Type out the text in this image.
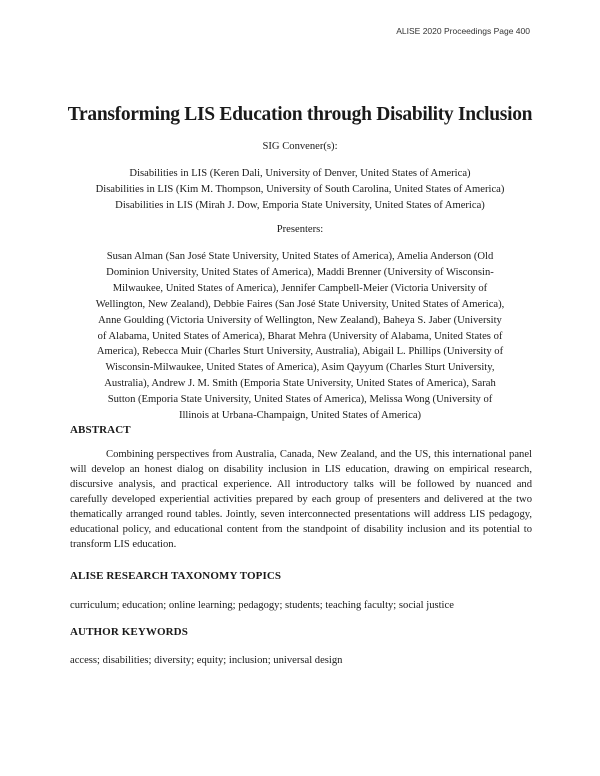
ALISE 2020 Proceedings Page 400
Transforming LIS Education through Disability Inclusion
SIG Convener(s):
Disabilities in LIS (Keren Dali, University of Denver, United States of America)
Disabilities in LIS (Kim M. Thompson, University of South Carolina, United States of America)
Disabilities in LIS (Mirah J. Dow, Emporia State University, United States of America)
Presenters:
Susan Alman (San José State University, United States of America), Amelia Anderson (Old
Dominion University, United States of America), Maddi Brenner (University of Wisconsin-
Milwaukee, United States of America), Jennifer Campbell-Meier (Victoria University of
Wellington, New Zealand), Debbie Faires (San José State University, United States of America),
Anne Goulding (Victoria University of Wellington, New Zealand), Baheya S. Jaber (University
of Alabama, United States of America), Bharat Mehra (University of Alabama, United States of
America), Rebecca Muir (Charles Sturt University, Australia), Abigail L. Phillips (University of
Wisconsin-Milwaukee, United States of America), Asim Qayyum (Charles Sturt University,
Australia), Andrew J. M. Smith (Emporia State University, United States of America), Sarah
Sutton (Emporia State University, United States of America), Melissa Wong (University of
Illinois at Urbana-Champaign, United States of America)
ABSTRACT
Combining perspectives from Australia, Canada, New Zealand, and the US, this international panel will develop an honest dialog on disability inclusion in LIS education, drawing on empirical research, discursive analysis, and practical experience. All introductory talks will be followed by nuanced and carefully developed experiential activities prepared by each group of presenters and delivered at the two thematically arranged round tables. Jointly, seven interconnected presentations will address LIS pedagogy, educational policy, and educational content from the standpoint of disability inclusion and its potential to transform LIS education.
ALISE RESEARCH TAXONOMY TOPICS
curriculum; education; online learning; pedagogy; students; teaching faculty; social justice
AUTHOR KEYWORDS
access; disabilities; diversity; equity; inclusion; universal design
